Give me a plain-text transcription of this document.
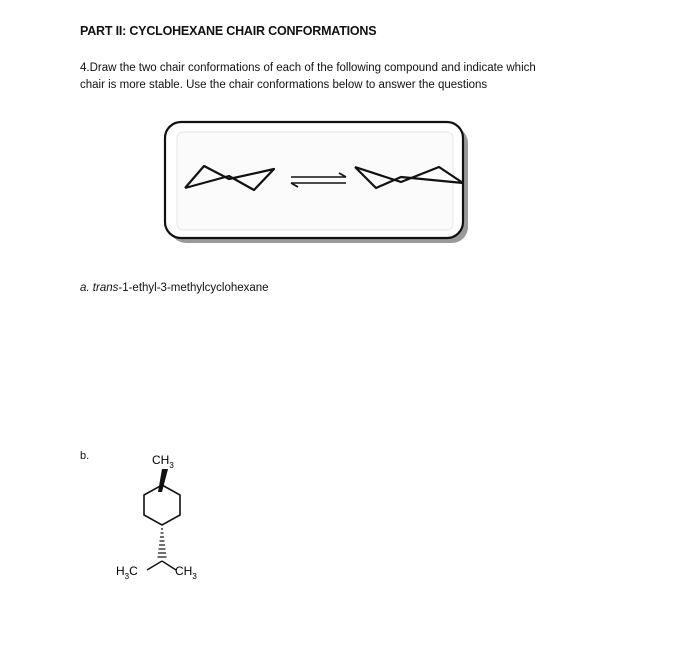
PART II: CYCLOHEXANE CHAIR CONFORMATIONS
4.Draw the two chair conformations of each of the following compound and indicate which
chair is more stable. Use the chair conformations below to answer the questions
a. trans-1-ethyl-3-methylcyclohexane
b.	$CH_3$
$H_3C$	$CH_3$
